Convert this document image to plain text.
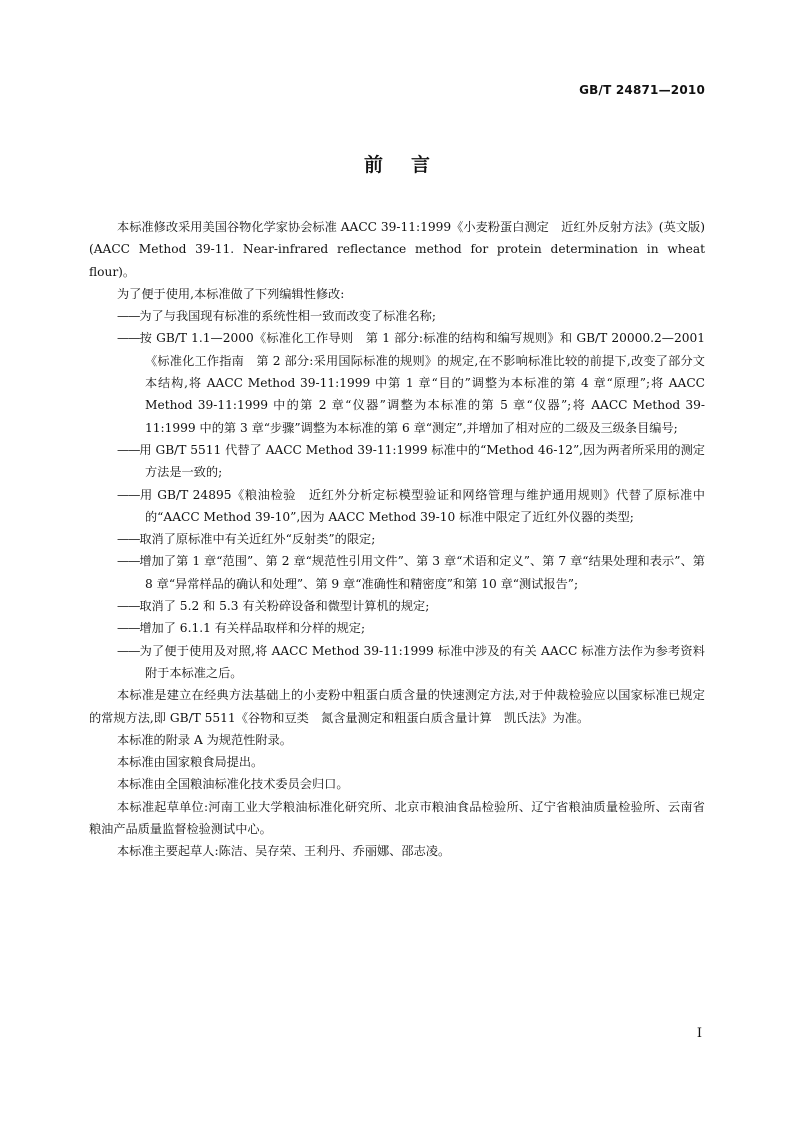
GB/T 24871—2010
前言

本标准修改采用美国谷物化学家协会标准 AACC 39-11:1999《小麦粉蛋白测定　近红外反射方法》(英文版)(AACC Method 39-11. Near-infrared reflectance method for protein determination in wheat flour)。

为了便于使用,本标准做了下列编辑性修改:

——为了与我国现有标准的系统性相一致而改变了标准名称;

——按 GB/T 1.1—2000《标准化工作导则　第 1 部分:标准的结构和编写规则》和 GB/T 20000.2—2001《标准化工作指南　第 2 部分:采用国际标准的规则》的规定,在不影响标准比较的前提下,改变了部分文本结构,将 AACC Method 39-11:1999 中第 1 章“目的”调整为本标准的第 4 章“原理”;将 AACC Method 39-11:1999 中的第 2 章“仪器”调整为本标准的第 5 章“仪器”;将 AACC Method 39-11:1999 中的第 3 章“步骤”调整为本标准的第 6 章“测定”,并增加了相对应的二级及三级条目编号;

——用 GB/T 5511 代替了 AACC Method 39-11:1999 标准中的“Method 46-12”,因为两者所采用的测定方法是一致的;

——用 GB/T 24895《粮油检验　近红外分析定标模型验证和网络管理与维护通用规则》代替了原标准中的“AACC Method 39-10”,因为 AACC Method 39-10 标准中限定了近红外仪器的类型;

——取消了原标准中有关近红外“反射类”的限定;

——增加了第 1 章“范围”、第 2 章“规范性引用文件”、第 3 章“术语和定义”、第 7 章“结果处理和表示”、第 8 章“异常样品的确认和处理”、第 9 章“准确性和精密度”和第 10 章“测试报告”;

——取消了 5.2 和 5.3 有关粉碎设备和微型计算机的规定;

——增加了 6.1.1 有关样品取样和分样的规定;

——为了便于使用及对照,将 AACC Method 39-11:1999 标准中涉及的有关 AACC 标准方法作为参考资料附于本标准之后。

本标准是建立在经典方法基础上的小麦粉中粗蛋白质含量的快速测定方法,对于仲裁检验应以国家标准已规定的常规方法,即 GB/T 5511《谷物和豆类　氮含量测定和粗蛋白质含量计算　凯氏法》为准。

本标准的附录 A 为规范性附录。

本标准由国家粮食局提出。

本标准由全国粮油标准化技术委员会归口。

本标准起草单位:河南工业大学粮油标准化研究所、北京市粮油食品检验所、辽宁省粮油质量检验所、云南省粮油产品质量监督检验测试中心。

本标准主要起草人:陈洁、吴存荣、王利丹、乔丽娜、邵志凌。

I
